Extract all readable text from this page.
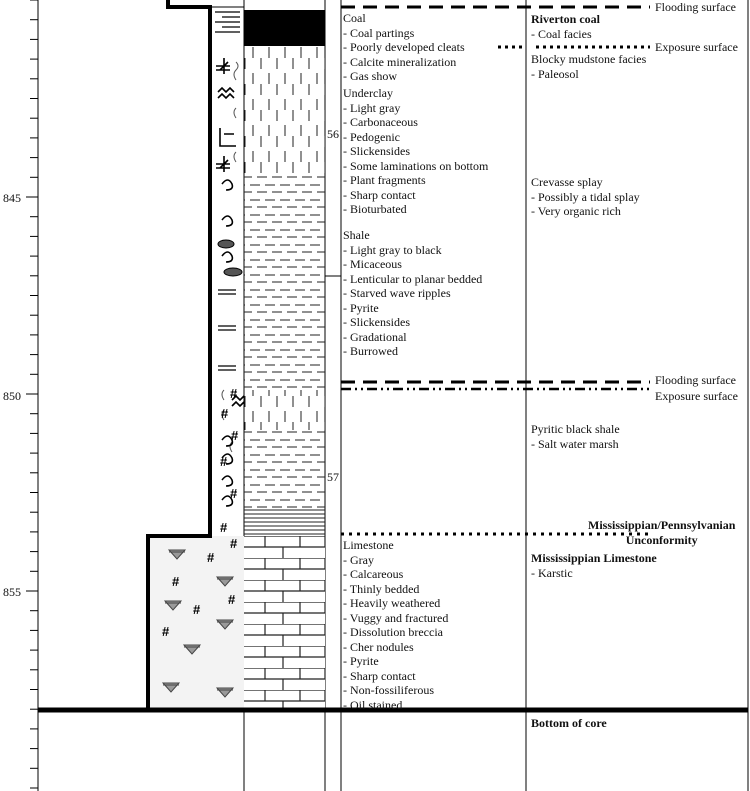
#
#
#
#
#
#
#
#
#
#
#
#
845
850
855
56
57
Coal
- Coal partings
- Poorly developed cleats
- Calcite mineralization
- Gas show
Underclay
- Light gray
- Carbonaceous
- Pedogenic
- Slickensides
- Some laminations on bottom
- Plant fragments
- Sharp contact
- Bioturbated
Shale
- Light gray to black
- Micaceous
- Lenticular to planar bedded
- Starved wave ripples
- Pyrite
- Slickensides
- Gradational
- Burrowed
Limestone
- Gray
- Calcareous
- Thinly bedded
- Heavily weathered
- Vuggy and fractured
- Dissolution breccia
- Cher nodules
- Pyrite
- Sharp contact
- Non-fossiliferous
- Oil stained
Riverton coal
- Coal facies
Blocky mudstone facies
- Paleosol
Crevasse splay
- Possibly a tidal splay
- Very organic rich
Pyritic black shale
- Salt water marsh
Mississippian/Pennsylvanian
Unconformity
Mississippian Limestone
- Karstic
Bottom of core
Flooding surface
Exposure surface
Flooding surface
Exposure surface
